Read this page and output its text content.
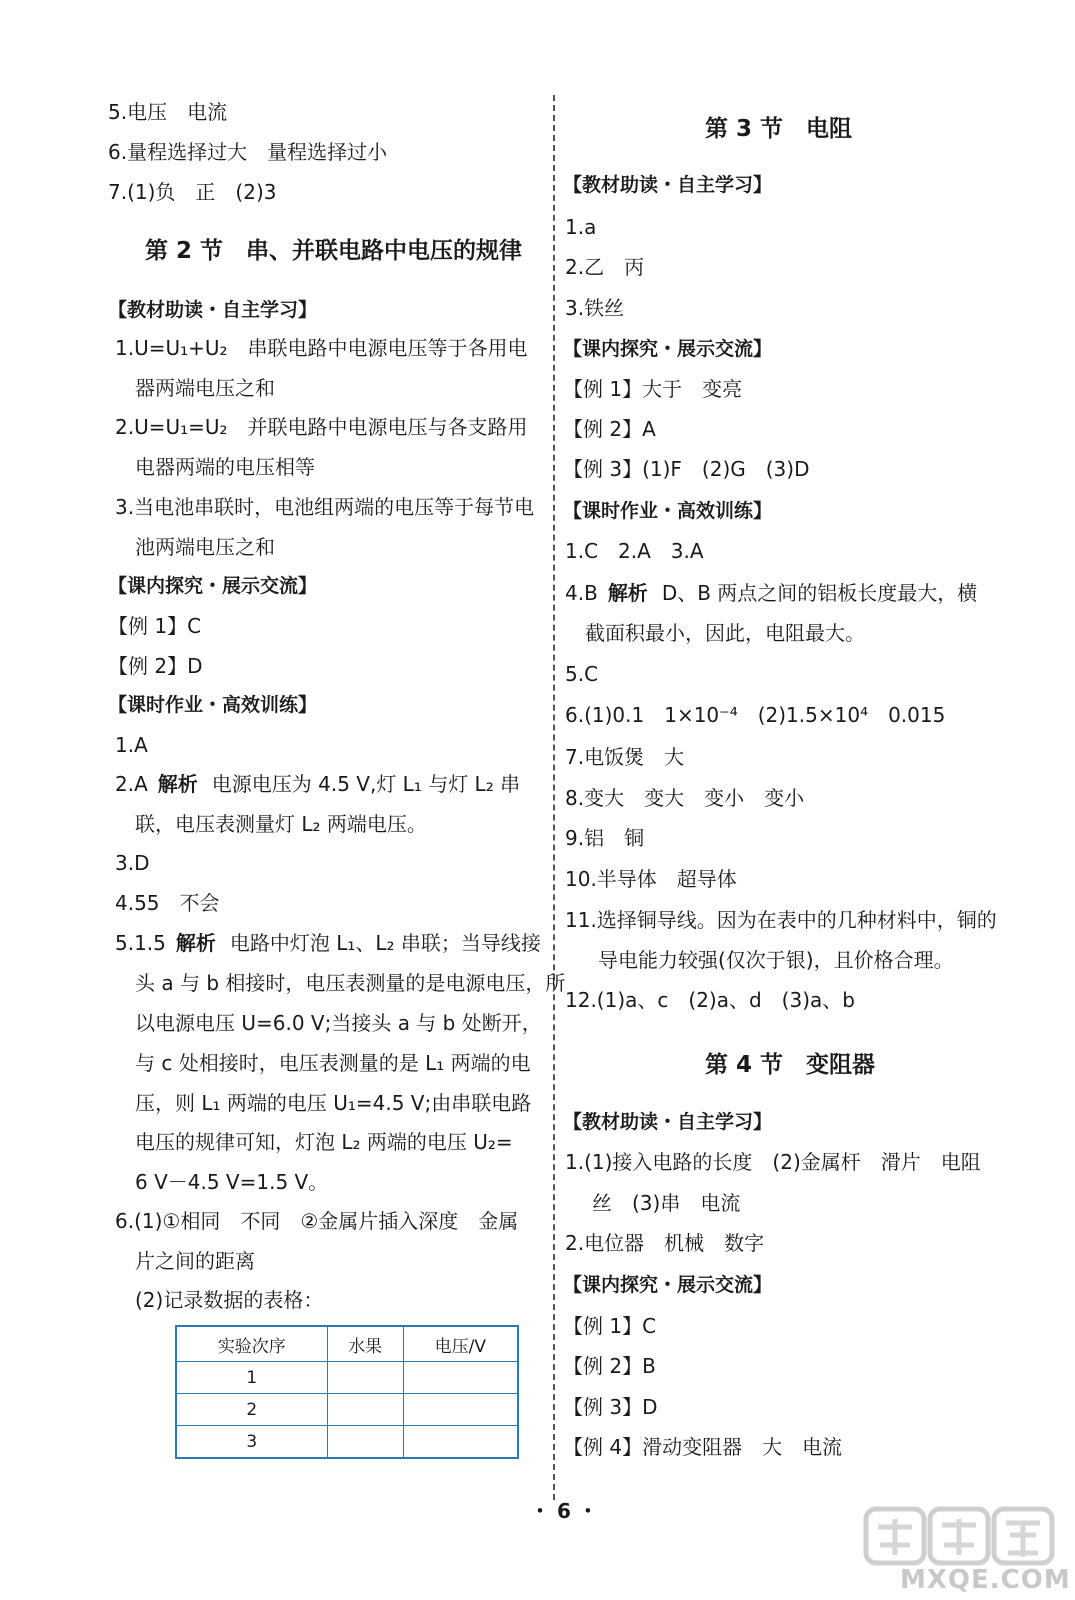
5.电压　电流
6.量程选择过大　量程选择过小
7.(1)负　正　(2)3
第 2 节　串、并联电路中电压的规律
【教材助读・自主学习】
1.U=U₁+U₂　串联电路中电源电压等于各用电
器两端电压之和
2.U=U₁=U₂　并联电路中电源电压与各支路用
电器两端的电压相等
3.当电池串联时，电池组两端的电压等于每节电
池两端电压之和
【课内探究・展示交流】
【例 1】C
【例 2】D
【课时作业・高效训练】
1.A
2.A 解析 电源电压为 4.5 V,灯 L₁ 与灯 L₂ 串
联，电压表测量灯 L₂ 两端电压。
3.D
4.55　不会
5.1.5 解析 电路中灯泡 L₁、L₂ 串联；当导线接
头 a 与 b 相接时，电压表测量的是电源电压，所
以电源电压 U=6.0 V;当接头 a 与 b 处断开，
与 c 处相接时，电压表测量的是 L₁ 两端的电
压，则 L₁ 两端的电压 U₁=4.5 V;由串联电路
电压的规律可知，灯泡 L₂ 两端的电压 U₂=
6 V－4.5 V=1.5 V。
6.(1)①相同　不同　②金属片插入深度　金属
片之间的距离
(2)记录数据的表格：
实验次序	水果	电压/V
1		
2		
3		
第 3 节　电阻
【教材助读・自主学习】
1.a
2.乙　丙
3.铁丝
【课内探究・展示交流】
【例 1】大于　变亮
【例 2】A
【例 3】(1)F　(2)G　(3)D
【课时作业・高效训练】
1.C　2.A　3.A
4.B 解析 D、B 两点之间的铝板长度最大，横
截面积最小，因此，电阻最大。
5.C
6.(1)0.1　1×10⁻⁴　(2)1.5×10⁴　0.015
7.电饭煲　大
8.变大　变大　变小　变小
9.铝　铜
10.半导体　超导体
11.选择铜导线。因为在表中的几种材料中，铜的
导电能力较强(仅次于银)，且价格合理。
12.(1)a、c　(2)a、d　(3)a、b
第 4 节　变阻器
【教材助读・自主学习】
1.(1)接入电路的长度　(2)金属杆　滑片　电阻
丝　(3)串　电流
2.电位器　机械　数字
【课内探究・展示交流】
【例 1】C
【例 2】B
【例 3】D
【例 4】滑动变阻器　大　电流
・ 6 ・
MXQE.COM
